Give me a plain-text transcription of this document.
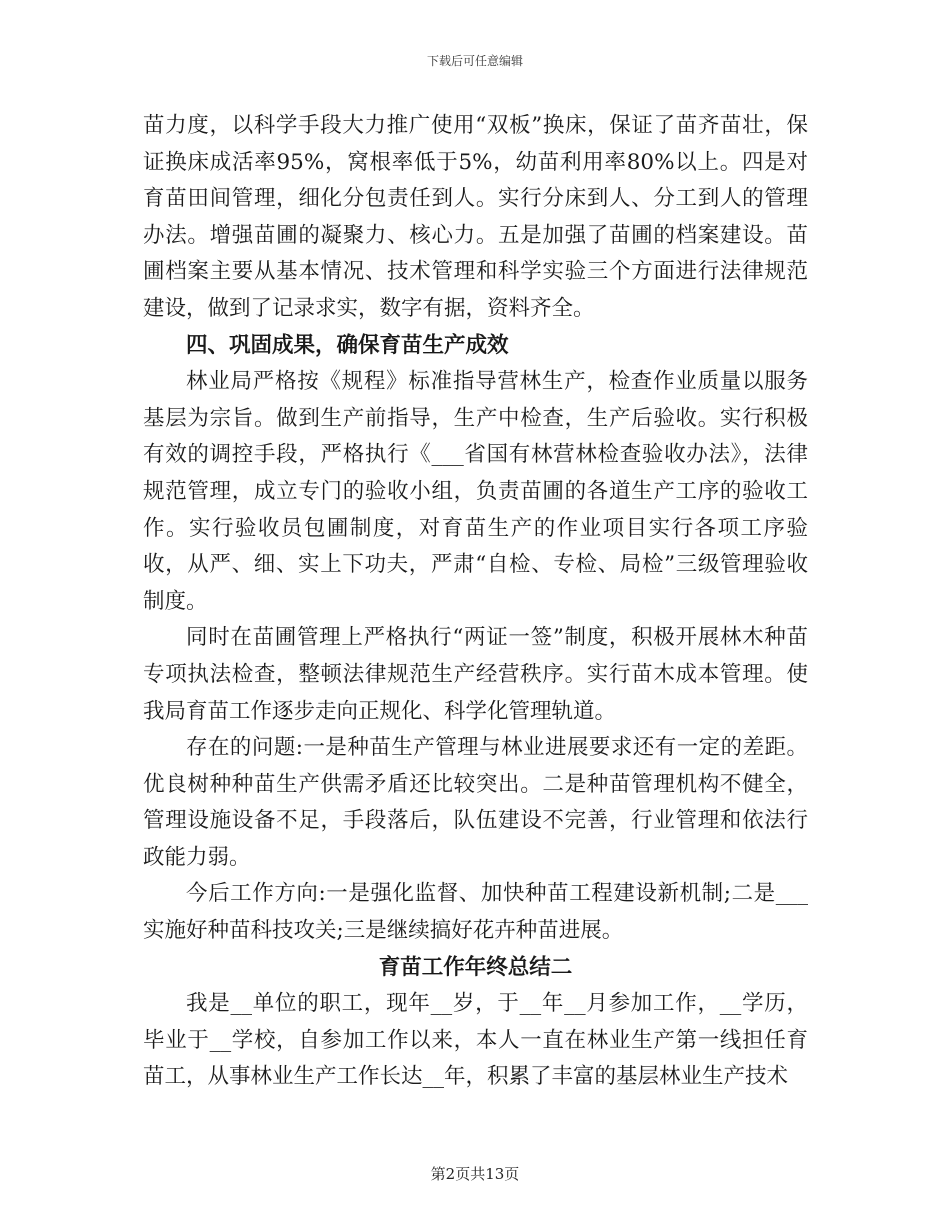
下载后可任意编辑

苗力度，以科学手段大力推广使用“双板”换床，保证了苗齐苗壮，保证换床成活率95%，窝根率低于5%，幼苗利用率80%以上。四是对育苗田间管理，细化分包责任到人。实行分床到人、分工到人的管理办法。增强苗圃的凝聚力、核心力。五是加强了苗圃的档案建设。苗圃档案主要从基本情况、技术管理和科学实验三个方面进行法律规范建设，做到了记录求实，数字有据，资料齐全。

四、巩固成果，确保育苗生产成效

林业局严格按《规程》标准指导营林生产，检查作业质量以服务基层为宗旨。做到生产前指导，生产中检查，生产后验收。实行积极有效的调控手段，严格执行《___省国有林营林检查验收办法》，法律规范管理，成立专门的验收小组，负责苗圃的各道生产工序的验收工作。实行验收员包圃制度，对育苗生产的作业项目实行各项工序验收，从严、细、实上下功夫，严肃“自检、专检、局检”三级管理验收制度。

同时在苗圃管理上严格执行“两证一签”制度，积极开展林木种苗专项执法检查，整顿法律规范生产经营秩序。实行苗木成本管理。使我局育苗工作逐步走向正规化、科学化管理轨道。

存在的问题:一是种苗生产管理与林业进展要求还有一定的差距。优良树种种苗生产供需矛盾还比较突出。二是种苗管理机构不健全，管理设施设备不足，手段落后，队伍建设不完善，行业管理和依法行政能力弱。

今后工作方向:一是强化监督、加快种苗工程建设新机制;二是___实施好种苗科技攻关;三是继续搞好花卉种苗进展。

育苗工作年终总结二

我是__单位的职工，现年__岁，于__年__月参加工作，__学历，毕业于__学校，自参加工作以来，本人一直在林业生产第一线担任育苗工，从事林业生产工作长达__年，积累了丰富的基层林业生产技术

第2页共13页
